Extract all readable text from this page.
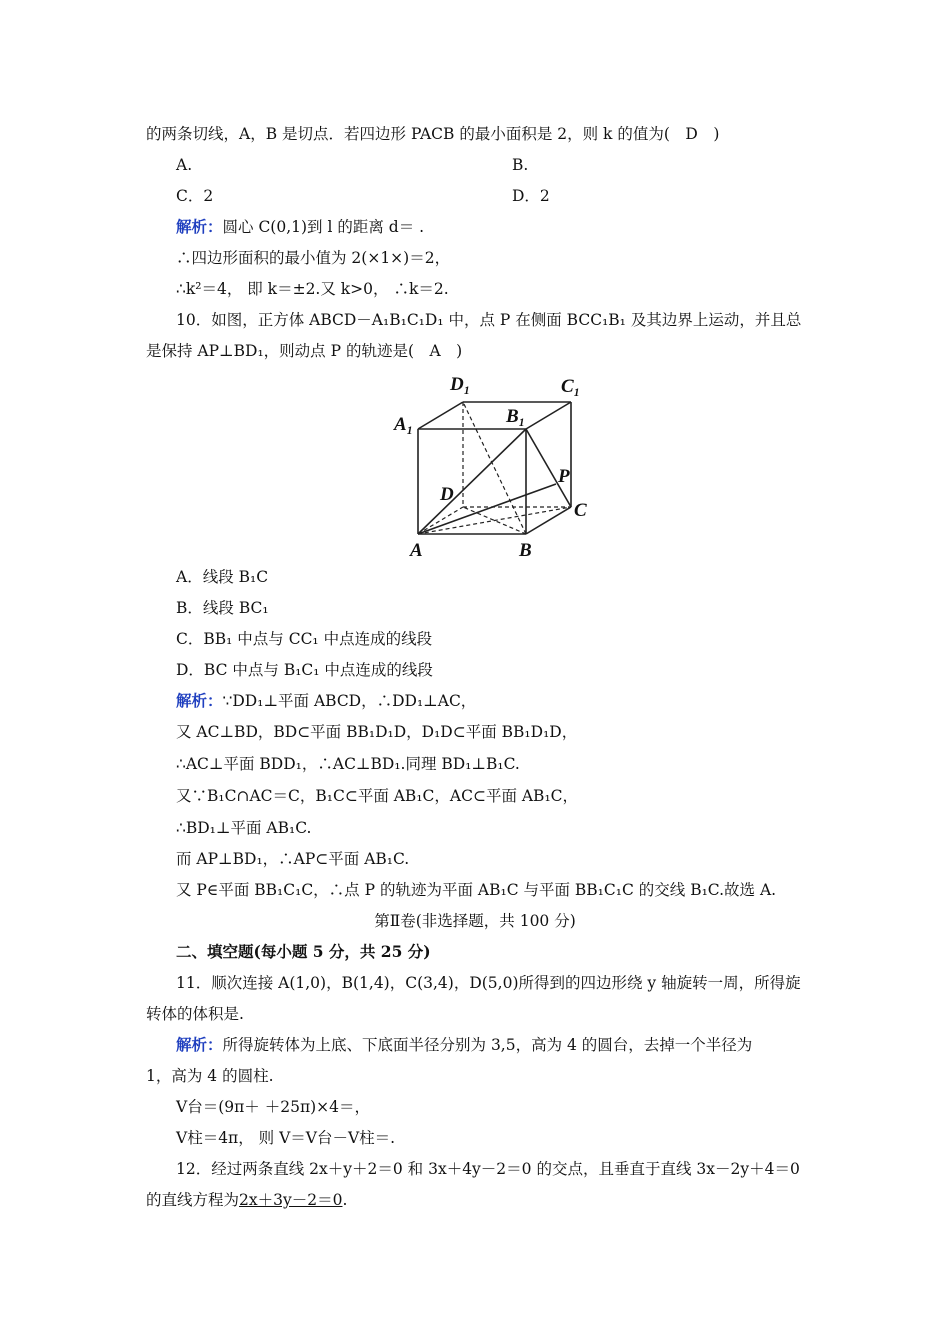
的两条切线，A，B 是切点．若四边形 PACB 的最小面积是 2，则 k 的值为(　D　)
A.	B.
C．2	D．2
解析：圆心 C(0,1)到 l 的距离 d＝ .
∴四边形面积的最小值为 2(×1×)＝2，
∴k²＝4， 即 k＝±2.又 k>0， ∴k＝2.
10．如图，正方体 ABCD－A₁B₁C₁D₁ 中，点 P 在侧面 BCC₁B₁ 及其边界上运动，并且总
是保持 AP⊥BD₁，则动点 P 的轨迹是(　A　)
D₁	C₁
A₁	B₁
P
D
C
A	B
A．线段 B₁C
B．线段 BC₁
C．BB₁ 中点与 CC₁ 中点连成的线段
D．BC 中点与 B₁C₁ 中点连成的线段
解析：∵DD₁⊥平面 ABCD，∴DD₁⊥AC，
又 AC⊥BD，BD⊂平面 BB₁D₁D，D₁D⊂平面 BB₁D₁D，
∴AC⊥平面 BDD₁，∴AC⊥BD₁.同理 BD₁⊥B₁C.
又∵B₁C∩AC＝C，B₁C⊂平面 AB₁C，AC⊂平面 AB₁C，
∴BD₁⊥平面 AB₁C.
而 AP⊥BD₁，∴AP⊂平面 AB₁C.
又 P∈平面 BB₁C₁C，∴点 P 的轨迹为平面 AB₁C 与平面 BB₁C₁C 的交线 B₁C.故选 A.
第Ⅱ卷(非选择题，共 100 分)
二、填空题(每小题 5 分，共 25 分)
11．顺次连接 A(1,0)，B(1,4)，C(3,4)，D(5,0)所得到的四边形绕 y 轴旋转一周，所得旋
转体的体积是.
解析：所得旋转体为上底、下底面半径分别为 3,5，高为 4 的圆台，去掉一个半径为
1，高为 4 的圆柱.
V台＝(9π＋ ＋25π)×4＝，
V柱＝4π， 则 V＝V台－V柱＝.
12．经过两条直线 2x＋y＋2＝0 和 3x＋4y－2＝0 的交点，且垂直于直线 3x－2y＋4＝0
的直线方程为2x＋3y－2＝0.
